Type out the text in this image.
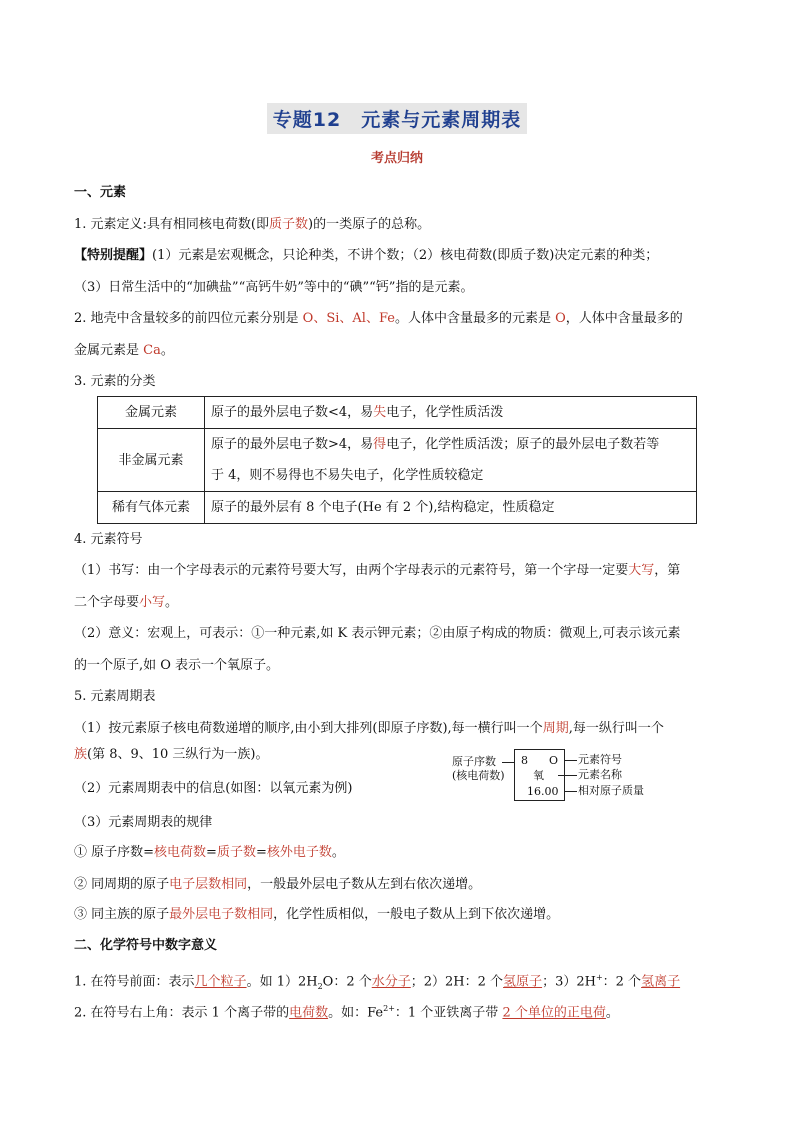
专题12　元素与元素周期表
考点归纳
一、元素
1. 元素定义:具有相同核电荷数(即质子数)的一类原子的总称。
【特别提醒】(1）元素是宏观概念，只论种类，不讲个数；（2）核电荷数(即质子数)决定元素的种类；
（3）日常生活中的“加碘盐”“高钙牛奶”等中的“碘”“钙”指的是元素。
2. 地壳中含量较多的前四位元素分别是 O、Si、Al、Fe。人体中含量最多的元素是 O，人体中含量最多的
金属元素是 Ca。
3. 元素的分类
金属元素	原子的最外层电子数<4，易失电子，化学性质活泼
非金属元素	原子的最外层电子数>4，易得电子，化学性质活泼；原子的最外层电子数若等
于 4，则不易得也不易失电子，化学性质较稳定
稀有气体元素	原子的最外层有 8 个电子(He 有 2 个),结构稳定，性质稳定
4. 元素符号
（1）书写：由一个字母表示的元素符号要大写，由两个字母表示的元素符号，第一个字母一定要大写，第
二个字母要小写。
（2）意义：宏观上，可表示：①一种元素,如 K 表示钾元素；②由原子构成的物质：微观上,可表示该元素
的一个原子,如 O 表示一个氧原子。
5. 元素周期表
（1）按元素原子核电荷数递增的顺序,由小到大排列(即原子序数),每一横行叫一个周期,每一纵行叫一个
族(第 8、9、10 三纵行为一族)。
（2）元素周期表中的信息(如图：以氧元素为例)
（3）元素周期表的规律
① 原子序数=核电荷数=质子数=核外电子数。
② 同周期的原子电子层数相同，一般最外层电子数从左到右依次递增。
③ 同主族的原子最外层电子数相同，化学性质相似，一般电子数从上到下依次递增。
二、化学符号中数字意义
1. 在符号前面：表示几个粒子。如 $1)2H_2O$：2 个水分子；2）2H：2 个氢原子；3）2H+：2 个氢离子
2. 在符号右上角：表示 1 个离子带的电荷数。如：$Fe^{2+}$：1 个亚铁离子带 2 个单位的正电荷。
原子序数
(核电荷数)
8 O
氧
16.00
元素符号
元素名称
相对原子质量
